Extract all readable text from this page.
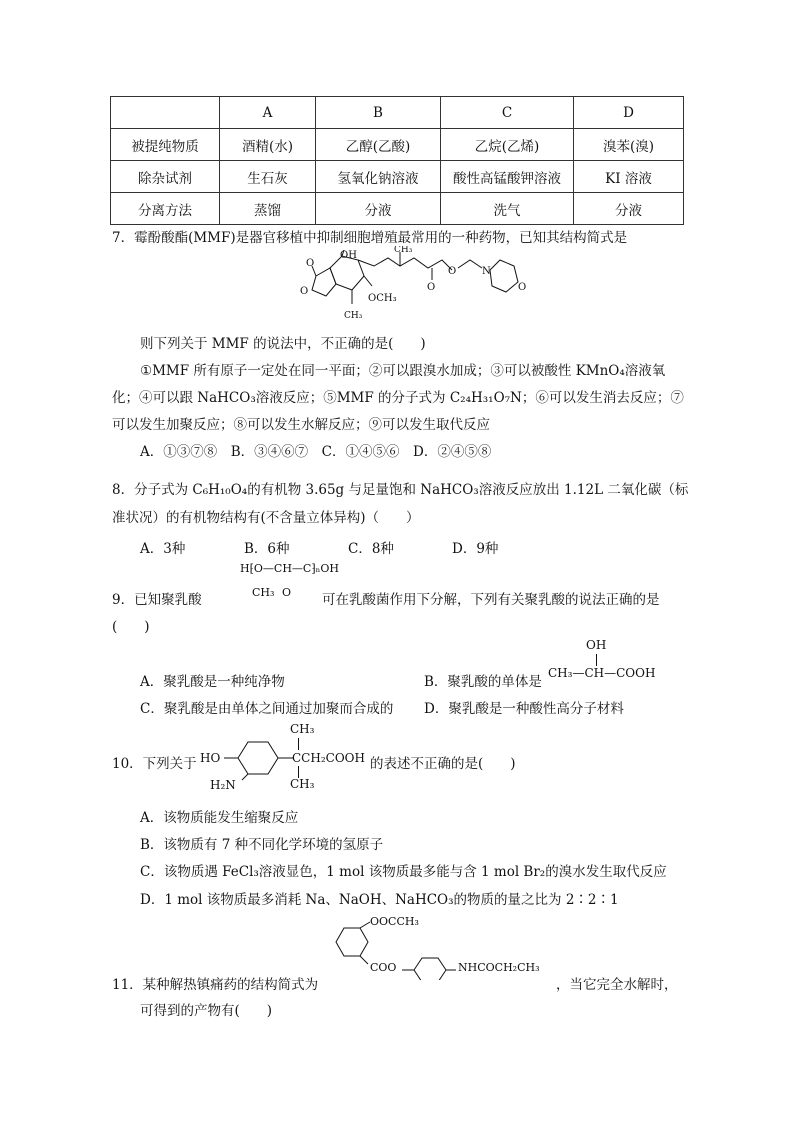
	A	B	C	D
被提纯物质	酒精(水)	乙醇(乙酸)	乙烷(乙烯)	溴苯(溴)
除杂试剂	生石灰	氢氧化钠溶液	酸性高锰酸钾溶液	KI 溶液
分离方法	蒸馏	分液	洗气	分液
7．霉酚酸酯(MMF)是器官移植中抑制细胞增殖最常用的一种药物，已知其结构简式是
O
O
OH
CH₃
OCH₃
CH₃
O
O	N
O
则下列关于 MMF 的说法中，不正确的是(　　)
①MMF 所有原子一定处在同一平面；②可以跟溴水加成；③可以被酸性 KMnO₄溶液氧
化；④可以跟 NaHCO₃溶液反应；⑤MMF 的分子式为 C₂₄H₃₁O₇N；⑥可以发生消去反应；⑦
可以发生加聚反应；⑧可以发生水解反应；⑨可以发生取代反应
A．①③⑦⑧　B．③④⑥⑦　C．①④⑤⑥　D．②④⑤⑧
8．分子式为 C₆H₁₀O₄的有机物 3.65g 与足量饱和 NaHCO₃溶液反应放出 1.12L 二氧化碳（标
准状况）的有机物结构有(不含量立体异构)（　　）
A．3种	B．6种	C．8种	D．9种
H⁅O—CH—C⁆ₙOH
CH₃ O
9．已知聚乳酸	可在乳酸菌作用下分解，下列有关聚乳酸的说法正确的是
(　　)
A．聚乳酸是一种纯净物	B．聚乳酸的单体是
OH
CH₃—CH—COOH
C．聚乳酸是由单体之间通过加聚而合成的 D．聚乳酸是一种酸性高分子材料
10．下列关于 HO
H₂N
CH₃
CCH₂COOH
CH₃
的表述不正确的是(　　)
A．该物质能发生缩聚反应
B．该物质有 7 种不同化学环境的氢原子
C．该物质遇 FeCl₃溶液显色，1 mol 该物质最多能与含 1 mol Br₂的溴水发生取代反应
D．1 mol 该物质最多消耗 Na、NaOH、NaHCO₃的物质的量之比为 2∶2∶1
OOCCH₃
COO	NHCOCH₂CH₃
11．某种解热镇痛药的结构简式为	，当它完全水解时，
可得到的产物有(　　)
